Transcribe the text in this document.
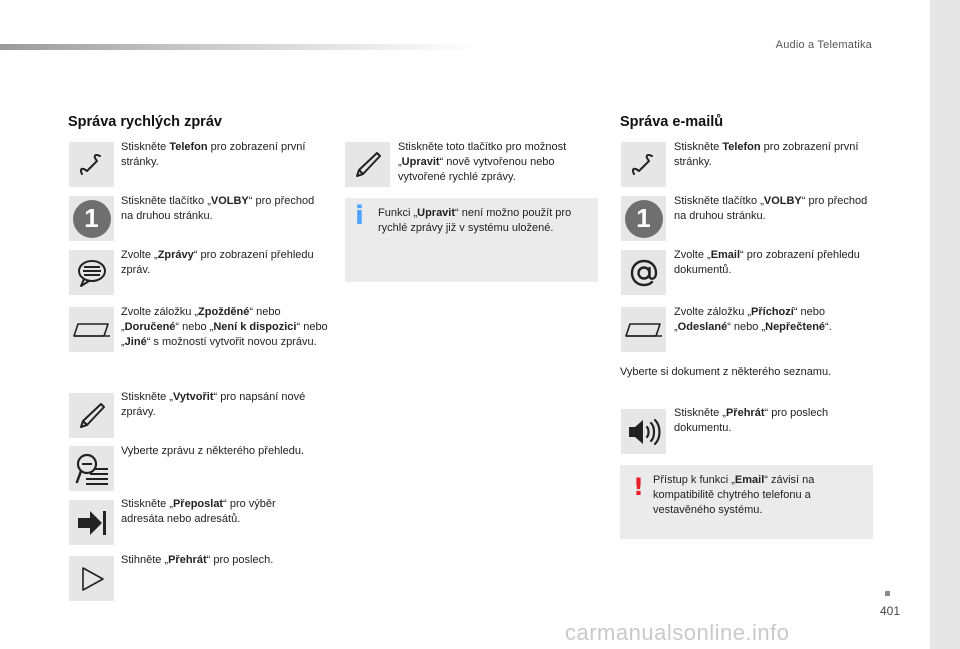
Audio a Telematika
401
carmanualsonline.info
Správa rychlých zpráv
Stiskněte Telefon pro zobrazení první stránky.
1
Stiskněte tlačítko „VOLBY“ pro přechod na druhou stránku.
Zvolte „Zprávy“ pro zobrazení přehledu zpráv.
Zvolte záložku „Zpožděné“ nebo „Doručené“ nebo „Není k dispozici“ nebo „Jiné“ s možností vytvořit novou zprávu.
Stiskněte „Vytvořit“ pro napsání nové zprávy.
Vyberte zprávu z některého přehledu.
Stiskněte „Přeposlat“ pro výběr adresáta nebo adresátů.
Stihněte „Přehrát“ pro poslech.
Stiskněte toto tlačítko pro možnost „Upravit“ nově vytvořenou nebo vytvořené rychlé zprávy.
i Funkci „Upravit“ není možno použít pro rychlé zprávy již v systému uložené.
Správa e-mailů
Stiskněte Telefon pro zobrazení první stránky.
1
Stiskněte tlačítko „VOLBY“ pro přechod na druhou stránku.
Zvolte „Email“ pro zobrazení přehledu dokumentů.
Zvolte záložku „Příchozí“ nebo „Odeslané“ nebo „Nepřečtené“.
Vyberte si dokument z některého seznamu.
Stiskněte „Přehrát“ pro poslech dokumentu.
! Přístup k funkci „Email“ závisí na kompatibilitě chytrého telefonu a vestavěného systému.
